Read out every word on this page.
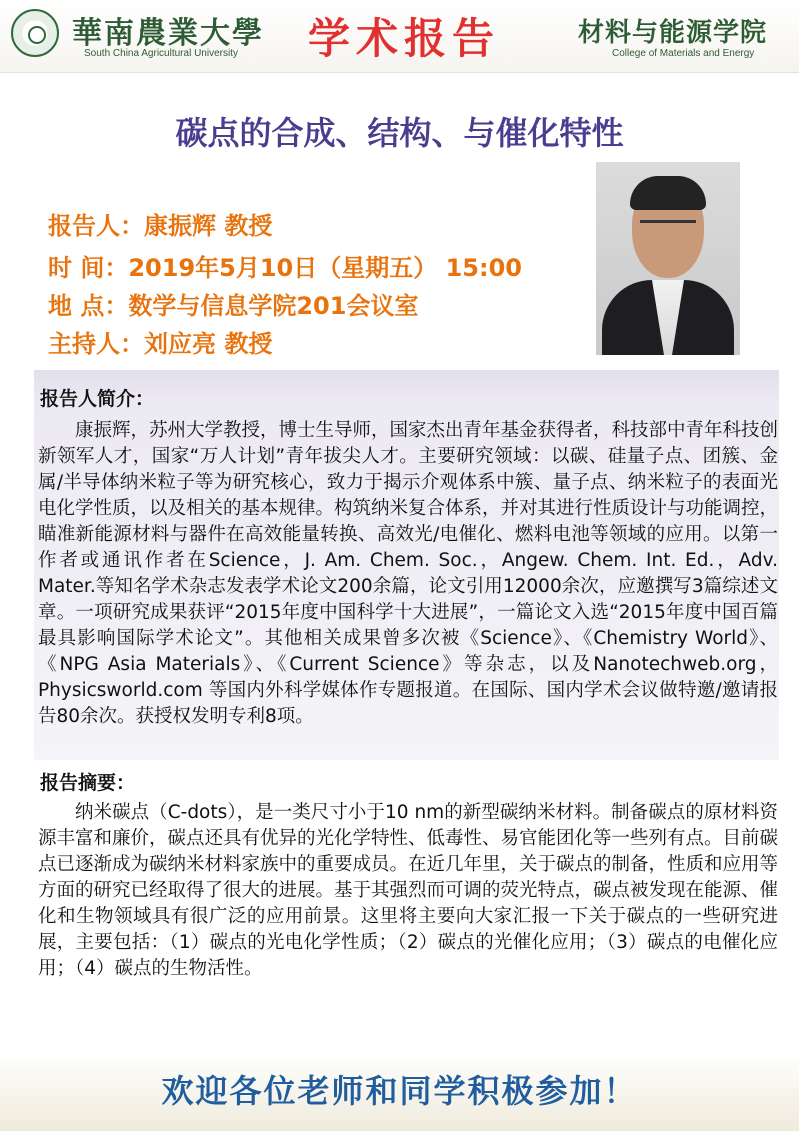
華南農業大學
South China Agricultural University 学术报告	材料与能源学院
College of Materials and Energy
碳点的合成、结构、与催化特性
报告人：康振辉 教授
时 间：2019年5月10日（星期五） 15:00
地 点：数学与信息学院201会议室
主持人：刘应亮 教授
报告人简介：
康振辉，苏州大学教授，博士生导师，国家杰出青年基金获得者，科技部中青年科技创新领军人才，国家“万人计划”青年拔尖人才。主要研究领域：以碳、硅量子点、团簇、金属/半导体纳米粒子等为研究核心，致力于揭示介观体系中簇、量子点、纳米粒子的表面光电化学性质，以及相关的基本规律。构筑纳米复合体系，并对其进行性质设计与功能调控，瞄准新能源材料与器件在高效能量转换、高效光/电催化、燃料电池等领域的应用。以第一作者或通讯作者在Science，J. Am. Chem. Soc.，Angew. Chem. Int. Ed.，Adv. Mater.等知名学术杂志发表学术论文200余篇，论文引用12000余次，应邀撰写3篇综述文章。一项研究成果获评“2015年度中国科学十大进展”，一篇论文入选“2015年度中国百篇最具影响国际学术论文”。其他相关成果曾多次被《Science》、《Chemistry World》、《NPG Asia Materials》、《Current Science》等杂志，以及Nanotechweb.org，Physicsworld.com 等国内外科学媒体作专题报道。在国际、国内学术会议做特邀/邀请报告80余次。获授权发明专利8项。
报告摘要：
纳米碳点（C-dots），是一类尺寸小于10 nm的新型碳纳米材料。制备碳点的原材料资源丰富和廉价，碳点还具有优异的光化学特性、低毒性、易官能团化等一些列有点。目前碳点已逐渐成为碳纳米材料家族中的重要成员。在近几年里，关于碳点的制备，性质和应用等方面的研究已经取得了很大的进展。基于其强烈而可调的荧光特点，碳点被发现在能源、催化和生物领域具有很广泛的应用前景。这里将主要向大家汇报一下关于碳点的一些研究进展，主要包括：（1）碳点的光电化学性质；（2）碳点的光催化应用；（3）碳点的电催化应用；（4）碳点的生物活性。
欢迎各位老师和同学积极参加！
